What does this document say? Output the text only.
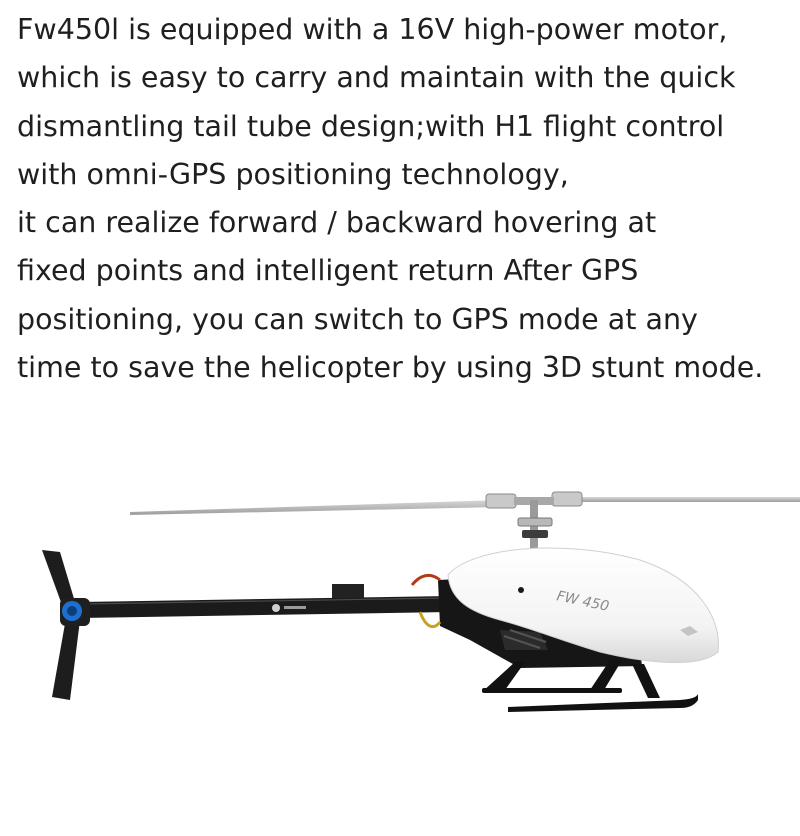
Fw450l is equipped with a 16V high-power motor,
which is easy to carry and maintain with the quick
dismantling tail tube design;with H1 flight control
with omni-GPS positioning technology,
it can realize forward / backward hovering at
fixed points and intelligent return After GPS
positioning, you can switch to GPS mode at any
time to save the helicopter by using 3D stunt mode.
FW 450
